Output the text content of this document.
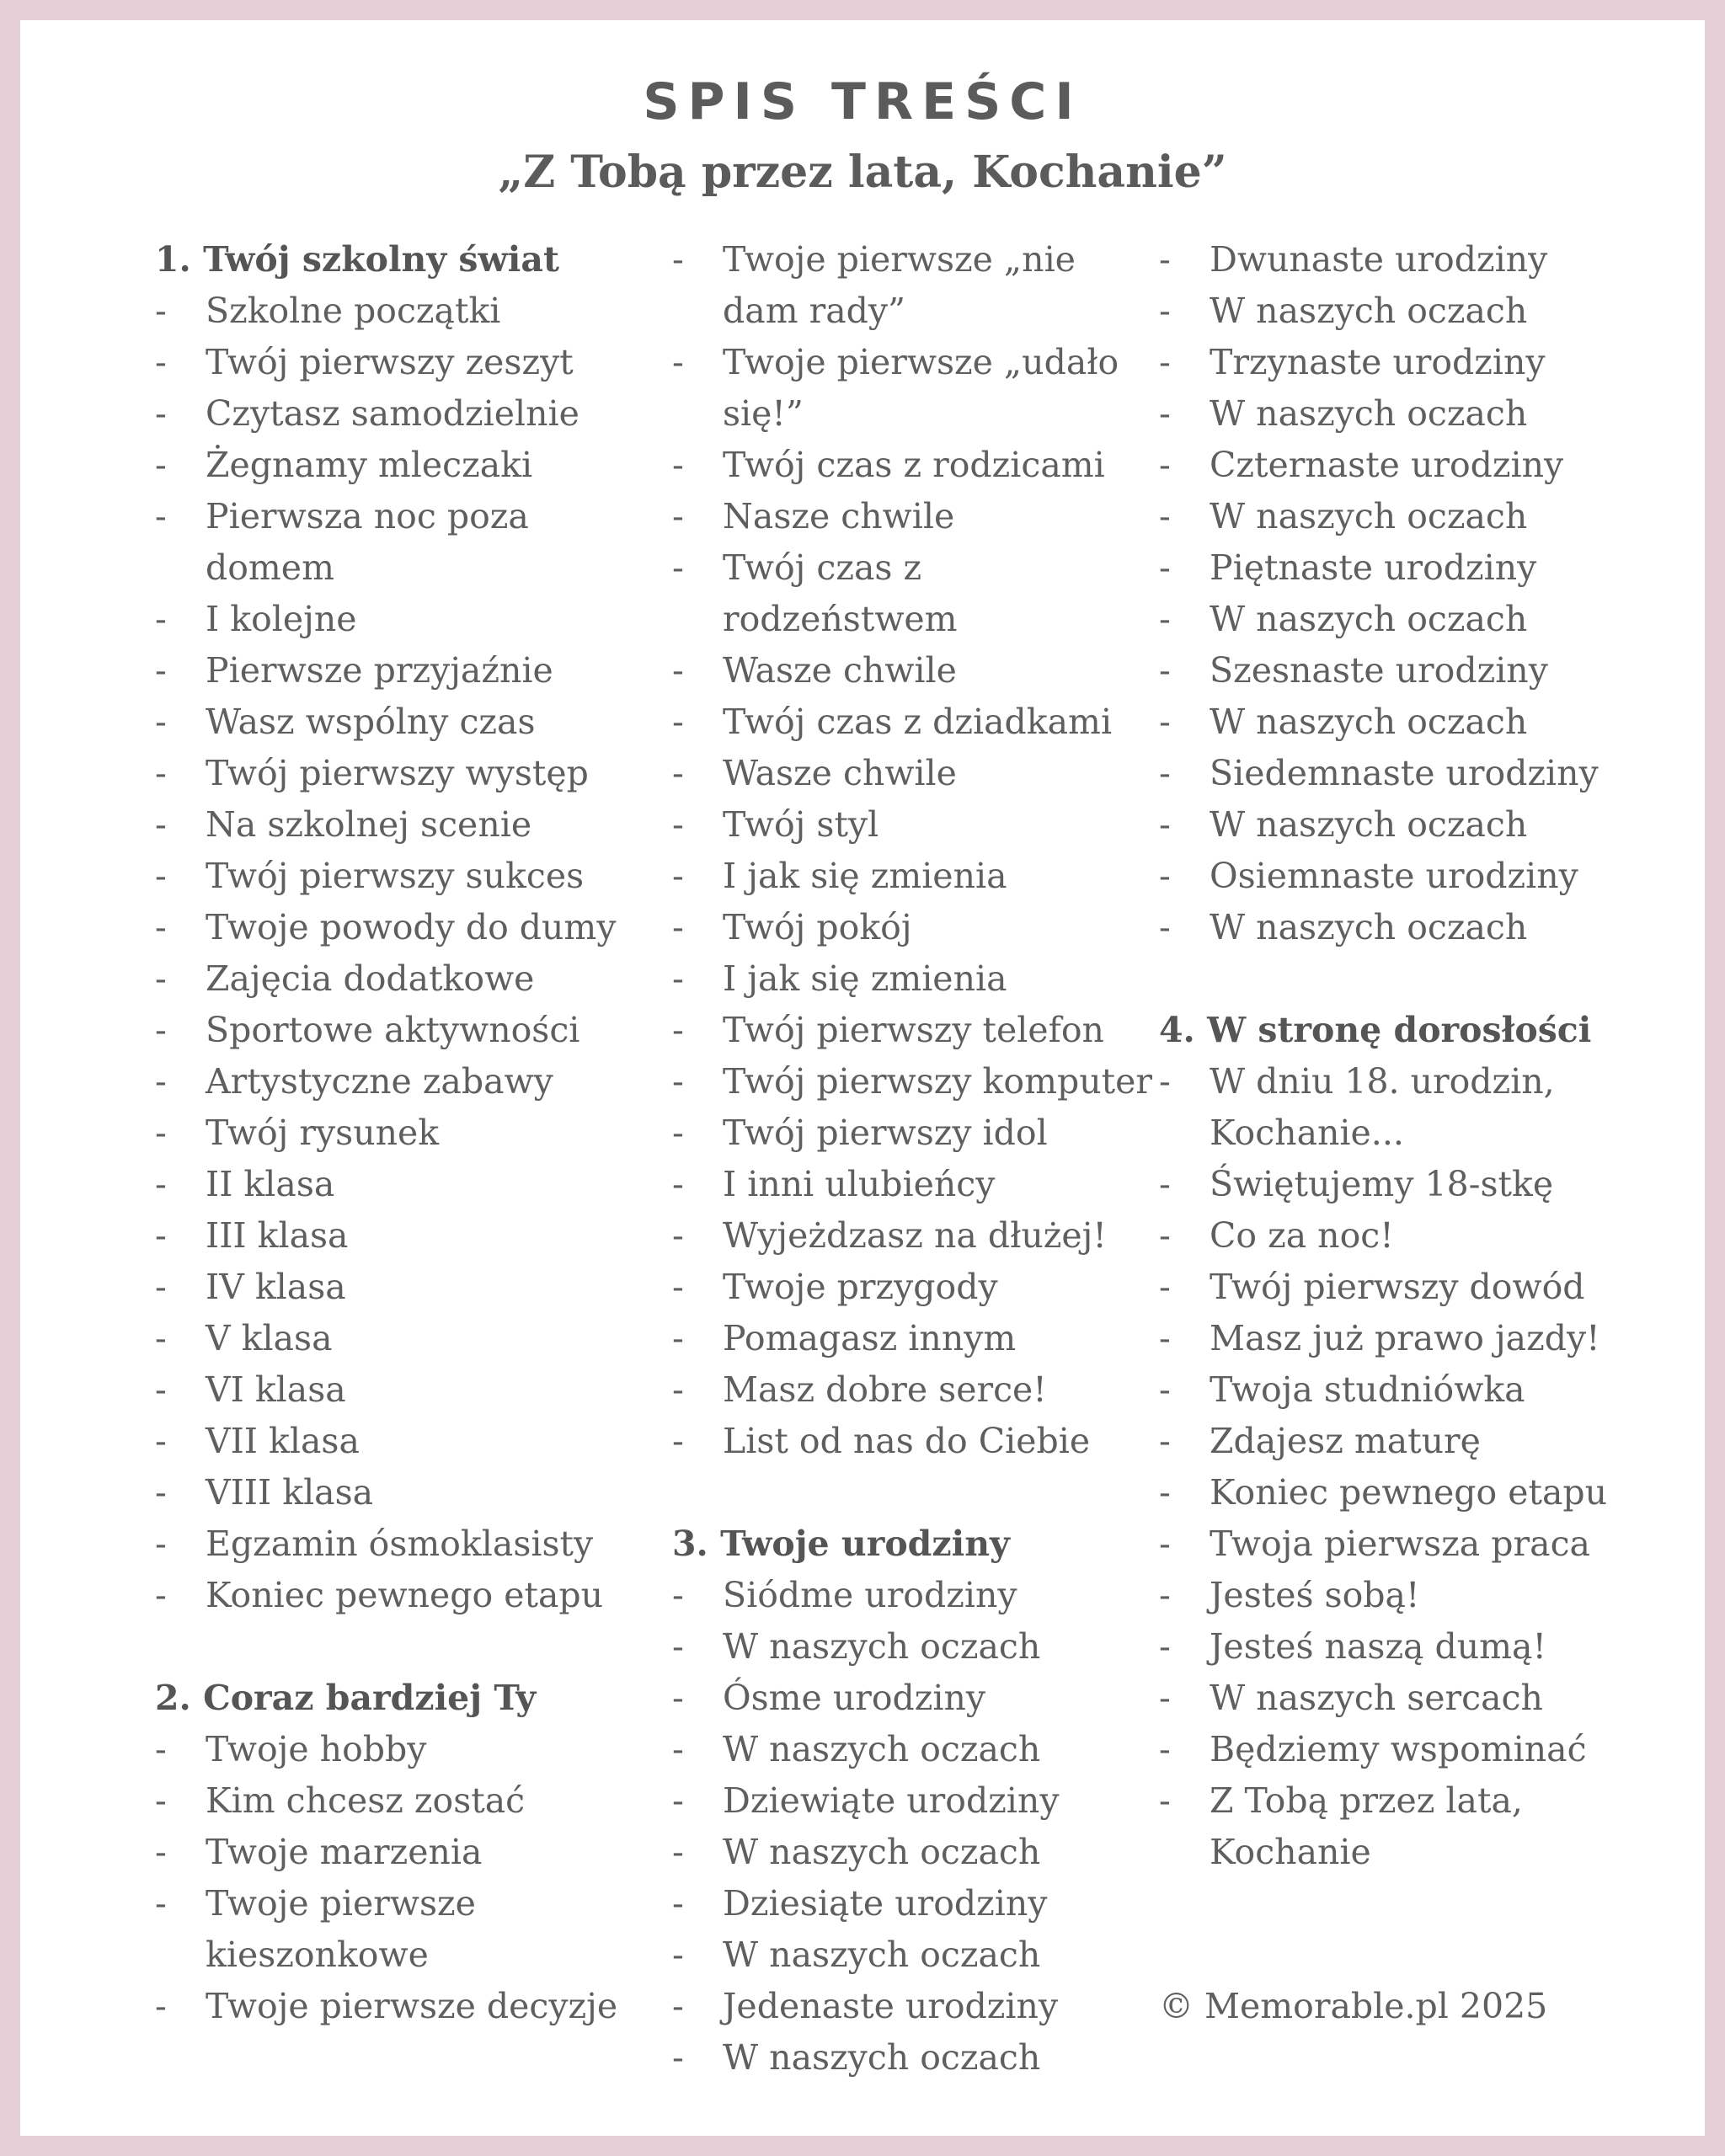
SPIS TREŚCI
„Z Tobą przez lata, Kochanie”

1. Twój szkolny świat

- Szkolne początki
- Twój pierwszy zeszyt
- Czytasz samodzielnie
- Żegnamy mleczaki
- Pierwsza noc poza domem
- I kolejne
- Pierwsze przyjaźnie
- Wasz wspólny czas
- Twój pierwszy występ
- Na szkolnej scenie
- Twój pierwszy sukces
- Twoje powody do dumy
- Zajęcia dodatkowe
- Sportowe aktywności
- Artystyczne zabawy
- Twój rysunek
- II klasa
- III klasa
- IV klasa
- V klasa
- VI klasa
- VII klasa
- VIII klasa
- Egzamin ósmoklasisty
- Koniec pewnego etapu

2. Coraz bardziej Ty

- Twoje hobby
- Kim chcesz zostać
- Twoje marzenia
- Twoje pierwsze kieszonkowe
- Twoje pierwsze decyzje
- Twoje pierwsze „nie dam rady”
- Twoje pierwsze „udało się!”
- Twój czas z rodzicami
- Nasze chwile
- Twój czas z rodzeństwem
- Wasze chwile
- Twój czas z dziadkami
- Wasze chwile
- Twój styl
- I jak się zmienia
- Twój pokój
- I jak się zmienia
- Twój pierwszy telefon
- Twój pierwszy komputer
- Twój pierwszy idol
- I inni ulubieńcy
- Wyjeżdzasz na dłużej!
- Twoje przygody
- Pomagasz innym
- Masz dobre serce!
- List od nas do Ciebie

3. Twoje urodziny

- Siódme urodziny
- W naszych oczach
- Ósme urodziny
- W naszych oczach
- Dziewiąte urodziny
- W naszych oczach
- Dziesiąte urodziny
- W naszych oczach
- Jedenaste urodziny
- W naszych oczach
- Dwunaste urodziny
- W naszych oczach
- Trzynaste urodziny
- W naszych oczach
- Czternaste urodziny
- W naszych oczach
- Piętnaste urodziny
- W naszych oczach
- Szesnaste urodziny
- W naszych oczach
- Siedemnaste urodziny
- W naszych oczach
- Osiemnaste urodziny
- W naszych oczach

4. W stronę dorosłości

- W dniu 18. urodzin, Kochanie...
- Świętujemy 18-stkę
- Co za noc!
- Twój pierwszy dowód
- Masz już prawo jazdy!
- Twoja studniówka
- Zdajesz maturę
- Koniec pewnego etapu
- Twoja pierwsza praca
- Jesteś sobą!
- Jesteś naszą dumą!
- W naszych sercach
- Będziemy wspominać
- Z Tobą przez lata, Kochanie

© Memorable.pl 2025
